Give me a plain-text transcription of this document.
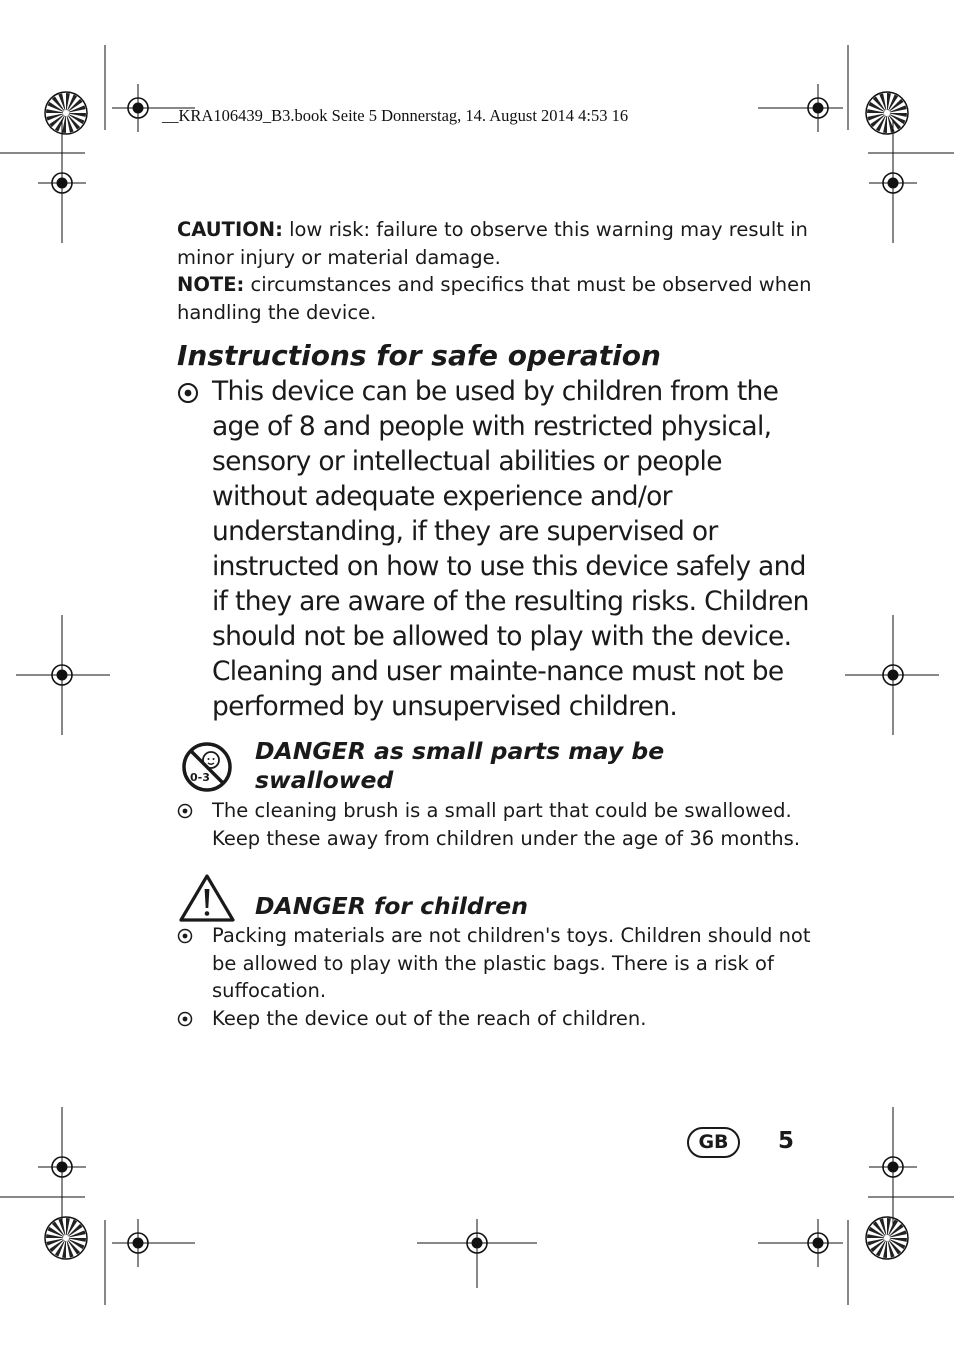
__KRA106439_B3.book Seite 5 Donnerstag, 14. August 2014 4:53 16

CAUTION: low risk: failure to observe this warning may result in minor injury or material damage.

NOTE: circumstances and specifics that must be observed when handling the device.

Instructions for safe operation
This device can be used by children from the age of 8 and people with restricted physical, sensory or intellectual abilities or people without adequate experience and/or understanding, if they are supervised or instructed on how to use this device safely and if they are aware of the resulting risks. Children should not be allowed to play with the device. Cleaning and user mainte-nance must not be performed by unsupervised children.
0-3
DANGER as small parts may be swallowed
The cleaning brush is a small part that could be swallowed. Keep these away from children under the age of 36 months.
DANGER for children
Packing materials are not children's toys. Children should not be allowed to play with the plastic bags. There is a risk of suffocation.
Keep the device out of the reach of children.
GB	5
